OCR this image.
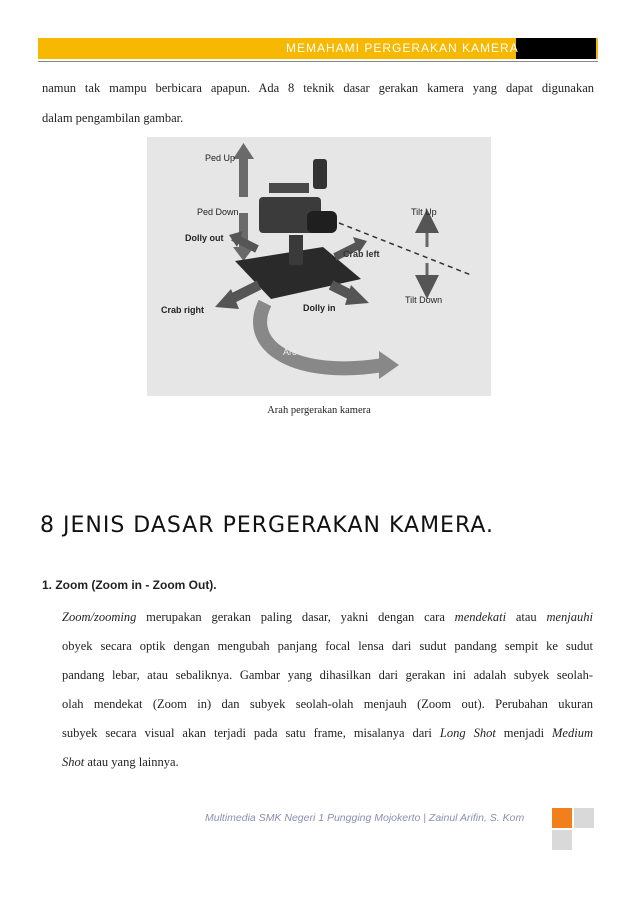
MEMAHAMI PERGERAKAN KAMERA
namun tak mampu berbicara apapun. Ada 8 teknik dasar gerakan kamera yang dapat digunakan
dalam pengambilan gambar.
Ped Up
Ped Down
Dolly out
Crab left
Tilt Up
Tilt Down
Crab right	Dolly in
Arc
Arah pergerakan kamera
8 JENIS DASAR PERGERAKAN KAMERA.
1. Zoom (Zoom in - Zoom Out).
Zoom/zooming merupakan gerakan paling dasar, yakni dengan cara mendekati atau menjauhi
obyek secara optik dengan mengubah panjang focal lensa dari sudut pandang sempit ke sudut
pandang lebar, atau sebaliknya. Gambar yang dihasilkan dari gerakan ini adalah subyek seolah-
olah mendekat (Zoom in) dan subyek seolah-olah menjauh (Zoom out). Perubahan ukuran
subyek secara visual akan terjadi pada satu frame, misalanya dari Long Shot menjadi Medium
Shot atau yang lainnya.
Multimedia SMK Negeri 1 Pungging Mojokerto | Zainul Arifin, S. Kom
